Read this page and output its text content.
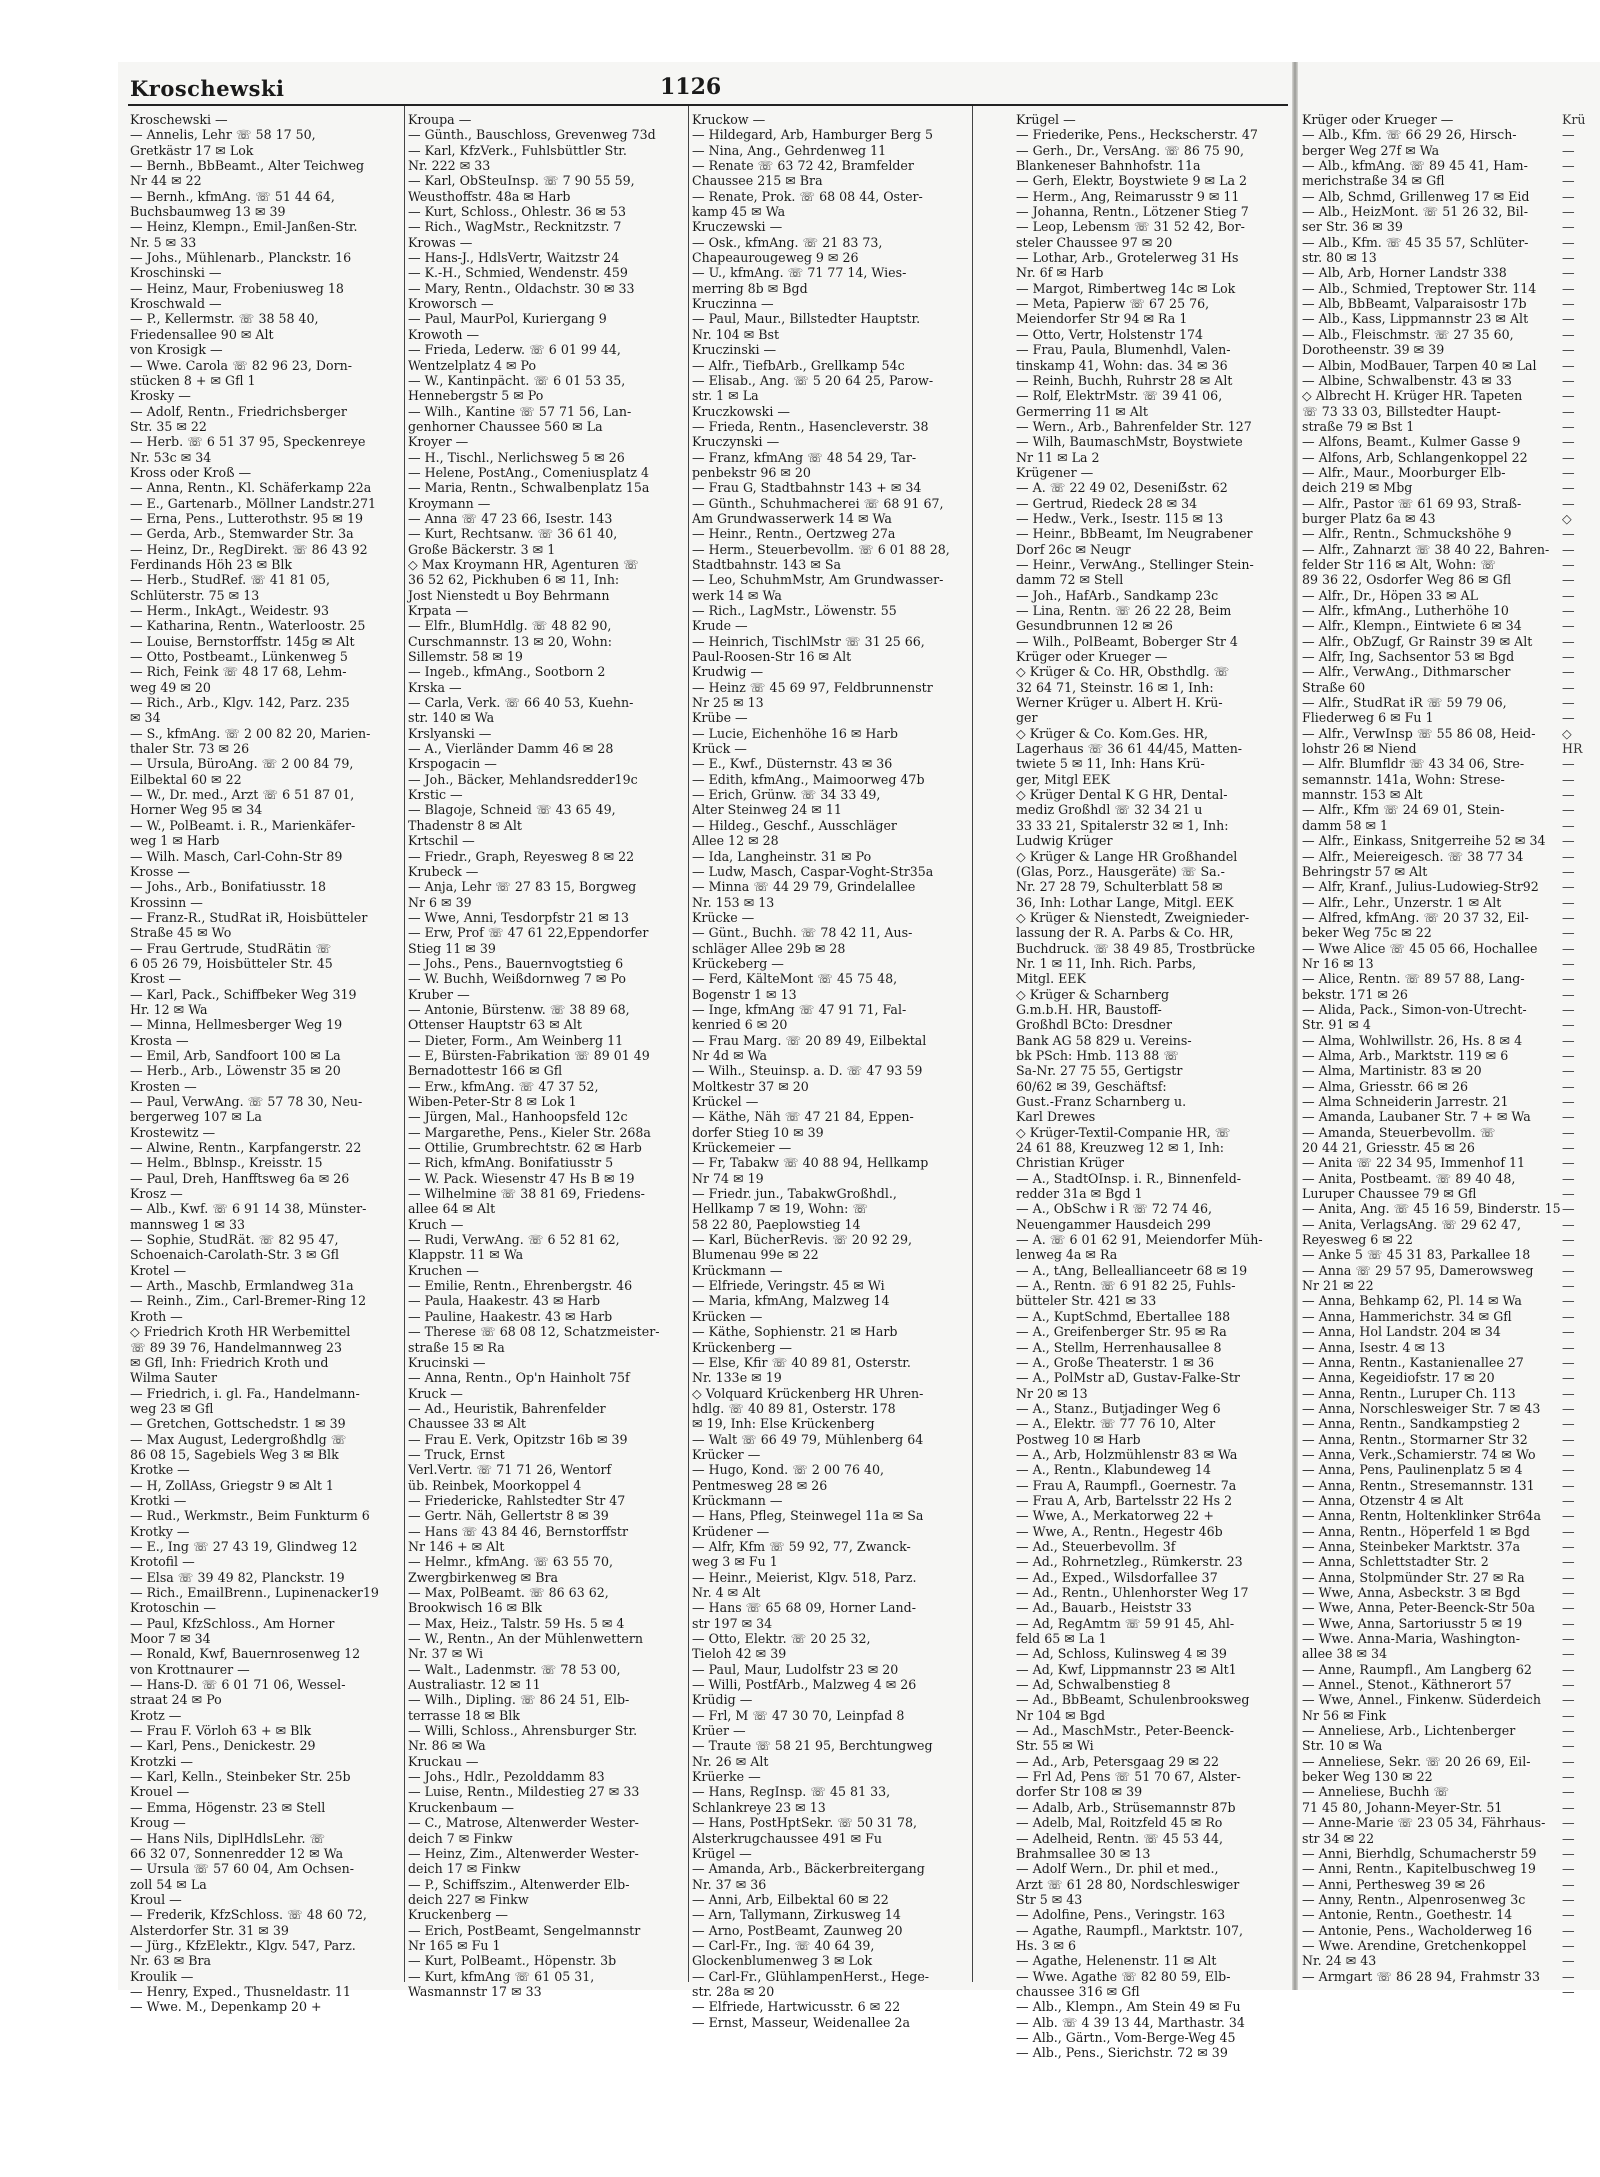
Kroschewski	1126
Kroschewski —
— Annelis, Lehr ☏ 58 17 50,
Gretkästr 17 ✉ Lok
— Bernh., BbBeamt., Alter Teichweg
Nr 44 ✉ 22
— Bernh., kfmAng. ☏ 51 44 64,
Buchsbaumweg 13 ✉ 39
— Heinz, Klempn., Emil-Janßen-Str.
Nr. 5 ✉ 33
— Johs., Mühlenarb., Planckstr. 16
Kroschinski —
— Heinz, Maur, Frobeniusweg 18
Kroschwald —
— P., Kellermstr. ☏ 38 58 40,
Friedensallee 90 ✉ Alt
von Krosigk —
— Wwe. Carola ☏ 82 96 23, Dorn-
stücken 8 + ✉ Gfl 1
Krosky —
— Adolf, Rentn., Friedrichsberger
Str. 35 ✉ 22
— Herb. ☏ 6 51 37 95, Speckenreye
Nr. 53c ✉ 34
Kross oder Kroß —
— Anna, Rentn., Kl. Schäferkamp 22a
— E., Gartenarb., Möllner Landstr.271
— Erna, Pens., Lutterothstr. 95 ✉ 19
— Gerda, Arb., Stemwarder Str. 3a
— Heinz, Dr., RegDirekt. ☏ 86 43 92
Ferdinands Höh 23 ✉ Blk
— Herb., StudRef. ☏ 41 81 05,
Schlüterstr. 75 ✉ 13
— Herm., InkAgt., Weidestr. 93
— Katharina, Rentn., Waterloostr. 25
— Louise, Bernstorffstr. 145g ✉ Alt
— Otto, Postbeamt., Lünkenweg 5
— Rich, Feink ☏ 48 17 68, Lehm-
weg 49 ✉ 20
— Rich., Arb., Klgv. 142, Parz. 235
✉ 34
— S., kfmAng. ☏ 2 00 82 20, Marien-
thaler Str. 73 ✉ 26
— Ursula, BüroAng. ☏ 2 00 84 79,
Eilbektal 60 ✉ 22
— W., Dr. med., Arzt ☏ 6 51 87 01,
Horner Weg 95 ✉ 34
— W., PolBeamt. i. R., Marienkäfer-
weg 1 ✉ Harb
— Wilh. Masch, Carl-Cohn-Str 89
Krosse —
— Johs., Arb., Bonifatiusstr. 18
Krossinn —
— Franz-R., StudRat iR, Hoisbütteler
Straße 45 ✉ Wo
— Frau Gertrude, StudRätin ☏
6 05 26 79, Hoisbütteler Str. 45
Krost —
— Karl, Pack., Schiffbeker Weg 319
Hr. 12 ✉ Wa
— Minna, Hellmesberger Weg 19
Krosta —
— Emil, Arb, Sandfoort 100 ✉ La
— Herb., Arb., Löwenstr 35 ✉ 20
Krosten —
— Paul, VerwAng. ☏ 57 78 30, Neu-
bergerweg 107 ✉ La
Krostewitz —
— Alwine, Rentn., Karpfangerstr. 22
— Helm., Bblnsp., Kreisstr. 15
— Paul, Dreh, Hanfftsweg 6a ✉ 26
Krosz —
— Alb., Kwf. ☏ 6 91 14 38, Münster-
mannsweg 1 ✉ 33
— Sophie, StudRät. ☏ 82 95 47,
Schoenaich-Carolath-Str. 3 ✉ Gfl
Krotel —
— Arth., Maschb, Ermlandweg 31a
— Reinh., Zim., Carl-Bremer-Ring 12
Kroth —
◇ Friedrich Kroth HR Werbemittel
☏ 89 39 76, Handelmannweg 23
✉ Gfl, Inh: Friedrich Kroth und
Wilma Sauter
— Friedrich, i. gl. Fa., Handelmann-
weg 23 ✉ Gfl
— Gretchen, Gottschedstr. 1 ✉ 39
— Max August, Ledergroßhdlg ☏
86 08 15, Sagebiels Weg 3 ✉ Blk
Krotke —
— H, ZollAss, Griegstr 9 ✉ Alt 1
Krotki —
— Rud., Werkmstr., Beim Funkturm 6
Krotky —
— E., Ing ☏ 27 43 19, Glindweg 12
Krotofil —
— Elsa ☏ 39 49 82, Planckstr. 19
— Rich., EmailBrenn., Lupinenacker19
Krotoschin —
— Paul, KfzSchloss., Am Horner
Moor 7 ✉ 34
— Ronald, Kwf, Bauernrosenweg 12
von Krottnaurer —
— Hans-D. ☏ 6 01 71 06, Wessel-
straat 24 ✉ Po
Krotz —
— Frau F. Vörloh 63 + ✉ Blk
— Karl, Pens., Denickestr. 29
Krotzki —
— Karl, Kelln., Steinbeker Str. 25b
Krouel —
— Emma, Högenstr. 23 ✉ Stell
Kroug —
— Hans Nils, DiplHdlsLehr. ☏
66 32 07, Sonnenredder 12 ✉ Wa
— Ursula ☏ 57 60 04, Am Ochsen-
zoll 54 ✉ La
Kroul —
— Frederik, KfzSchloss. ☏ 48 60 72,
Alsterdorfer Str. 31 ✉ 39
— Jürg., KfzElektr., Klgv. 547, Parz.
Nr. 63 ✉ Bra
Kroulik —
— Henry, Exped., Thusneldastr. 11
— Wwe. M., Depenkamp 20 +
Kroupa —
— Günth., Bauschloss, Grevenweg 73d
— Karl, KfzVerk., Fuhlsbüttler Str.
Nr. 222 ✉ 33
— Karl, ObSteuInsp. ☏ 7 90 55 59,
Weusthoffstr. 48a ✉ Harb
— Kurt, Schloss., Ohlestr. 36 ✉ 53
— Rich., WagMstr., Recknitzstr. 7
Krowas —
— Hans-J., HdlsVertr, Waitzstr 24
— K.-H., Schmied, Wendenstr. 459
— Mary, Rentn., Oldachstr. 30 ✉ 33
Kroworsch —
— Paul, MaurPol, Kuriergang 9
Krowoth —
— Frieda, Lederw. ☏ 6 01 99 44,
Wentzelplatz 4 ✉ Po
— W., Kantinpächt. ☏ 6 01 53 35,
Hennebergstr 5 ✉ Po
— Wilh., Kantine ☏ 57 71 56, Lan-
genhorner Chaussee 560 ✉ La
Kroyer —
— H., Tischl., Nerlichsweg 5 ✉ 26
— Helene, PostAng., Comeniusplatz 4
— Maria, Rentn., Schwalbenplatz 15a
Kroymann —
— Anna ☏ 47 23 66, Isestr. 143
— Kurt, Rechtsanw. ☏ 36 61 40,
Große Bäckerstr. 3 ✉ 1
◇ Max Kroymann HR, Agenturen ☏
36 52 62, Pickhuben 6 ✉ 11, Inh:
Jost Nienstedt u Boy Behrmann
Krpata —
— Elfr., BlumHdlg. ☏ 48 82 90,
Curschmannstr. 13 ✉ 20, Wohn:
Sillemstr. 58 ✉ 19
— Ingeb., kfmAng., Sootborn 2
Krska —
— Carla, Verk. ☏ 66 40 53, Kuehn-
str. 140 ✉ Wa
Krslyanski —
— A., Vierländer Damm 46 ✉ 28
Krspogacin —
— Joh., Bäcker, Mehlandsredder19c
Krstic —
— Blagoje, Schneid ☏ 43 65 49,
Thadenstr 8 ✉ Alt
Krtschil —
— Friedr., Graph, Reyesweg 8 ✉ 22
Krubeck —
— Anja, Lehr ☏ 27 83 15, Borgweg
Nr 6 ✉ 39
— Wwe, Anni, Tesdorpfstr 21 ✉ 13
— Erw, Prof ☏ 47 61 22,Eppendorfer
Stieg 11 ✉ 39
— Johs., Pens., Bauernvogtstieg 6
— W. Buchh, Weißdornweg 7 ✉ Po
Kruber —
— Antonie, Bürstenw. ☏ 38 89 68,
Ottenser Hauptstr 63 ✉ Alt
— Dieter, Form., Am Weinberg 11
— E, Bürsten-Fabrikation ☏ 89 01 49
Bernadottestr 166 ✉ Gfl
— Erw., kfmAng. ☏ 47 37 52,
Wiben-Peter-Str 8 ✉ Lok 1
— Jürgen, Mal., Hanhoopsfeld 12c
— Margarethe, Pens., Kieler Str. 268a
— Ottilie, Grumbrechtstr. 62 ✉ Harb
— Rich, kfmAng. Bonifatiusstr 5
— W. Pack. Wiesenstr 47 Hs B ✉ 19
— Wilhelmine ☏ 38 81 69, Friedens-
allee 64 ✉ Alt
Kruch —
— Rudi, VerwAng. ☏ 6 52 81 62,
Klappstr. 11 ✉ Wa
Kruchen —
— Emilie, Rentn., Ehrenbergstr. 46
— Paula, Haakestr. 43 ✉ Harb
— Pauline, Haakestr. 43 ✉ Harb
— Therese ☏ 68 08 12, Schatzmeister-
straße 15 ✉ Ra
Krucinski —
— Anna, Rentn., Op'n Hainholt 75f
Kruck —
— Ad., Heuristik, Bahrenfelder
Chaussee 33 ✉ Alt
— Frau E. Verk, Opitzstr 16b ✉ 39
— Truck, Ernst
Verl.Vertr. ☏ 71 71 26, Wentorf
üb. Reinbek, Moorkoppel 4
— Friedericke, Rahlstedter Str 47
— Gertr. Näh, Gellertstr 8 ✉ 39
— Hans ☏ 43 84 46, Bernstorffstr
Nr 146 + ✉ Alt
— Helmr., kfmAng. ☏ 63 55 70,
Zwergbirkenweg ✉ Bra
— Max, PolBeamt. ☏ 86 63 62,
Brookwisch 16 ✉ Blk
— Max, Heiz., Talstr. 59 Hs. 5 ✉ 4
— W., Rentn., An der Mühlenwettern
Nr. 37 ✉ Wi
— Walt., Ladenmstr. ☏ 78 53 00,
Australiastr. 12 ✉ 11
— Wilh., Dipling. ☏ 86 24 51, Elb-
terrasse 18 ✉ Blk
— Willi, Schloss., Ahrensburger Str.
Nr. 86 ✉ Wa
Kruckau —
— Johs., Hdlr., Pezolddamm 83
— Luise, Rentn., Mildestieg 27 ✉ 33
Kruckenbaum —
— C., Matrose, Altenwerder Wester-
deich 7 ✉ Finkw
— Heinz, Zim., Altenwerder Wester-
deich 17 ✉ Finkw
— P., Schiffszim., Altenwerder Elb-
deich 227 ✉ Finkw
Kruckenberg —
— Erich, PostBeamt, Sengelmannstr
Nr 165 ✉ Fu 1
— Kurt, PolBeamt., Höpenstr. 3b
— Kurt, kfmAng ☏ 61 05 31,
Wasmannstr 17 ✉ 33
Kruckow —
— Hildegard, Arb, Hamburger Berg 5
— Nina, Ang., Gehrdenweg 11
— Renate ☏ 63 72 42, Bramfelder
Chaussee 215 ✉ Bra
— Renate, Prok. ☏ 68 08 44, Oster-
kamp 45 ✉ Wa
Kruczewski —
— Osk., kfmAng. ☏ 21 83 73,
Chapeaurougeweg 9 ✉ 26
— U., kfmAng. ☏ 71 77 14, Wies-
merring 8b ✉ Bgd
Kruczinna —
— Paul, Maur., Billstedter Hauptstr.
Nr. 104 ✉ Bst
Kruczinski —
— Alfr., TiefbArb., Grellkamp 54c
— Elisab., Ang. ☏ 5 20 64 25, Parow-
str. 1 ✉ La
Kruczkowski —
— Frieda, Rentn., Hasencleverstr. 38
Kruczynski —
— Franz, kfmAng ☏ 48 54 29, Tar-
penbekstr 96 ✉ 20
— Frau G, Stadtbahnstr 143 + ✉ 34
— Günth., Schuhmacherei ☏ 68 91 67,
Am Grundwasserwerk 14 ✉ Wa
— Heinr., Rentn., Oertzweg 27a
— Herm., Steuerbevollm. ☏ 6 01 88 28,
Stadtbahnstr. 143 ✉ Sa
— Leo, SchuhmMstr, Am Grundwasser-
werk 14 ✉ Wa
— Rich., LagMstr., Löwenstr. 55
Krude —
— Heinrich, TischlMstr ☏ 31 25 66,
Paul-Roosen-Str 16 ✉ Alt
Krudwig —
— Heinz ☏ 45 69 97, Feldbrunnenstr
Nr 25 ✉ 13
Krübe —
— Lucie, Eichenhöhe 16 ✉ Harb
Krück —
— E., Kwf., Düsternstr. 43 ✉ 36
— Edith, kfmAng., Maimoorweg 47b
— Erich, Grünw. ☏ 34 33 49,
Alter Steinweg 24 ✉ 11
— Hildeg., Geschf., Ausschläger
Allee 12 ✉ 28
— Ida, Langheinstr. 31 ✉ Po
— Ludw, Masch, Caspar-Voght-Str35a
— Minna ☏ 44 29 79, Grindelallee
Nr. 153 ✉ 13
Krücke —
— Günt., Buchh. ☏ 78 42 11, Aus-
schläger Allee 29b ✉ 28
Krückeberg —
— Ferd, KälteMont ☏ 45 75 48,
Bogenstr 1 ✉ 13
— Inge, kfmAng ☏ 47 91 71, Fal-
kenried 6 ✉ 20
— Frau Marg. ☏ 20 89 49, Eilbektal
Nr 4d ✉ Wa
— Wilh., Steuinsp. a. D. ☏ 47 93 59
Moltkestr 37 ✉ 20
Krückel —
— Käthe, Näh ☏ 47 21 84, Eppen-
dorfer Stieg 10 ✉ 39
Krückemeier —
— Fr, Tabakw ☏ 40 88 94, Hellkamp
Nr 74 ✉ 19
— Friedr. jun., TabakwGroßhdl.,
Hellkamp 7 ✉ 19, Wohn: ☏
58 22 80, Paeplowstieg 14
— Karl, BücherRevis. ☏ 20 92 29,
Blumenau 99e ✉ 22
Krückmann —
— Elfriede, Veringstr. 45 ✉ Wi
— Maria, kfmAng, Malzweg 14
Krücken —
— Käthe, Sophienstr. 21 ✉ Harb
Krückenberg —
— Else, Kfir ☏ 40 89 81, Osterstr.
Nr. 133e ✉ 19
◇ Volquard Krückenberg HR Uhren-
hdlg. ☏ 40 89 81, Osterstr. 178
✉ 19, Inh: Else Krückenberg
— Walt ☏ 66 49 79, Mühlenberg 64
Krücker —
— Hugo, Kond. ☏ 2 00 76 40,
Pentmesweg 28 ✉ 26
Krückmann —
— Hans, Pfleg, Steinwegel 11a ✉ Sa
Krüdener —
— Alfr, Kfm ☏ 59 92, 77, Zwanck-
weg 3 ✉ Fu 1
— Heinr., Meierist, Klgv. 518, Parz.
Nr. 4 ✉ Alt
— Hans ☏ 65 68 09, Horner Land-
str 197 ✉ 34
— Otto, Elektr. ☏ 20 25 32,
Tieloh 42 ✉ 39
— Paul, Maur, Ludolfstr 23 ✉ 20
— Willi, PostfArb., Malzweg 4 ✉ 26
Krüdig —
— Frl, M ☏ 47 30 70, Leinpfad 8
Krüer —
— Traute ☏ 58 21 95, Berchtungweg
Nr. 26 ✉ Alt
Krüerke —
— Hans, RegInsp. ☏ 45 81 33,
Schlankreye 23 ✉ 13
— Hans, PostHptSekr. ☏ 50 31 78,
Alsterkrugchaussee 491 ✉ Fu
Krügel —
— Amanda, Arb., Bäckerbreitergang
Nr. 37 ✉ 36
— Anni, Arb, Eilbektal 60 ✉ 22
— Arn, Tallymann, Zirkusweg 14
— Arno, PostBeamt, Zaunweg 20
— Carl-Fr., Ing. ☏ 40 64 39,
Glockenblumenweg 3 ✉ Lok
— Carl-Fr., GlühlampenHerst., Hege-
str. 28a ✉ 20
— Elfriede, Hartwicusstr. 6 ✉ 22
— Ernst, Masseur, Weidenallee 2a
Krügel —
— Friederike, Pens., Heckscherstr. 47
— Gerh., Dr., VersAng. ☏ 86 75 90,
Blankeneser Bahnhofstr. 11a
— Gerh, Elektr, Boystwiete 9 ✉ La 2
— Herm., Ang, Reimarusstr 9 ✉ 11
— Johanna, Rentn., Lötzener Stieg 7
— Leop, Lebensm ☏ 31 52 42, Bor-
steler Chaussee 97 ✉ 20
— Lothar, Arb., Grotelerweg 31 Hs
Nr. 6f ✉ Harb
— Margot, Rimbertweg 14c ✉ Lok
— Meta, Papierw ☏ 67 25 76,
Meiendorfer Str 94 ✉ Ra 1
— Otto, Vertr, Holstenstr 174
— Frau, Paula, Blumenhdl, Valen-
tinskamp 41, Wohn: das. 34 ✉ 36
— Reinh, Buchh, Ruhrstr 28 ✉ Alt
— Rolf, ElektrMstr. ☏ 39 41 06,
Germerring 11 ✉ Alt
— Wern., Arb., Bahrenfelder Str. 127
— Wilh, BaumaschMstr, Boystwiete
Nr 11 ✉ La 2
Krügener —
— A. ☏ 22 49 02, Deseniẞstr. 62
— Gertrud, Riedeck 28 ✉ 34
— Hedw., Verk., Isestr. 115 ✉ 13
— Heinr., BbBeamt, Im Neugrabener
Dorf 26c ✉ Neugr
— Heinr., VerwAng., Stellinger Stein-
damm 72 ✉ Stell
— Joh., HafArb., Sandkamp 23c
— Lina, Rentn. ☏ 26 22 28, Beim
Gesundbrunnen 12 ✉ 26
— Wilh., PolBeamt, Boberger Str 4
Krüger oder Krueger —
◇ Krüger & Co. HR, Obsthdlg. ☏
32 64 71, Steinstr. 16 ✉ 1, Inh:
Werner Krüger u. Albert H. Krü-
ger
◇ Krüger & Co. Kom.Ges. HR,
Lagerhaus ☏ 36 61 44/45, Matten-
twiete 5 ✉ 11, Inh: Hans Krü-
ger, Mitgl EEK
◇ Krüger Dental K G HR, Dental-
mediz Großhdl ☏ 32 34 21 u
33 33 21, Spitalerstr 32 ✉ 1, Inh:
Ludwig Krüger
◇ Krüger & Lange HR Großhandel
(Glas, Porz., Hausgeräte) ☏ Sa.-
Nr. 27 28 79, Schulterblatt 58 ✉
36, Inh: Lothar Lange, Mitgl. EEK
◇ Krüger & Nienstedt, Zweignieder-
lassung der R. A. Parbs & Co. HR,
Buchdruck. ☏ 38 49 85, Trostbrücke
Nr. 1 ✉ 11, Inh. Rich. Parbs,
Mitgl. EEK
◇ Krüger & Scharnberg
G.m.b.H. HR, Baustoff-
Großhdl BCto: Dresdner
Bank AG 58 829 u. Vereins-
bk PSch: Hmb. 113 88 ☏
Sa-Nr. 27 75 55, Gertigstr
60/62 ✉ 39, Geschäftsf:
Gust.-Franz Scharnberg u.
Karl Drewes
◇ Krüger-Textil-Companie HR, ☏
24 61 88, Kreuzweg 12 ✉ 1, Inh:
Christian Krüger
— A., StadtOInsp. i. R., Binnenfeld-
redder 31a ✉ Bgd 1
— A., ObSchw i R ☏ 72 74 46,
Neuengammer Hausdeich 299
— A. ☏ 6 01 62 91, Meiendorfer Müh-
lenweg 4a ✉ Ra
— A., tAng, Belleallianceetr 68 ✉ 19
— A., Rentn. ☏ 6 91 82 25, Fuhls-
bütteler Str. 421 ✉ 33
— A., KuptSchmd, Ebertallee 188
— A., Greifenberger Str. 95 ✉ Ra
— A., Stellm, Herrenhausallee 8
— A., Große Theaterstr. 1 ✉ 36
— A., PolMstr aD, Gustav-Falke-Str
Nr 20 ✉ 13
— A., Stanz., Butjadinger Weg 6
— A., Elektr. ☏ 77 76 10, Alter
Postweg 10 ✉ Harb
— A., Arb, Holzmühlenstr 83 ✉ Wa
— A., Rentn., Klabundeweg 14
— Frau A, Raumpfl., Goernestr. 7a
— Frau A, Arb, Bartelsstr 22 Hs 2
— Wwe, A., Merkatorweg 22 +
— Wwe, A., Rentn., Hegestr 46b
— Ad., Steuerbevollm. 3f
— Ad., Rohrnetzleg., Rümkerstr. 23
— Ad., Exped., Wilsdorfallee 37
— Ad., Rentn., Uhlenhorster Weg 17
— Ad., Bauarb., Heiststr 33
— Ad, RegAmtm ☏ 59 91 45, Ahl-
feld 65 ✉ La 1
— Ad, Schloss, Kulinsweg 4 ✉ 39
— Ad, Kwf, Lippmannstr 23 ✉ Alt1
— Ad, Schwalbenstieg 8
— Ad., BbBeamt, Schulenbrooksweg
Nr 104 ✉ Bgd
— Ad., MaschMstr., Peter-Beenck-
Str. 55 ✉ Wi
— Ad., Arb, Petersgaag 29 ✉ 22
— Frl Ad, Pens ☏ 51 70 67, Alster-
dorfer Str 108 ✉ 39
— Adalb, Arb., Strüsemannstr 87b
— Adelb, Mal, Roitzfeld 45 ✉ Ro
— Adelheid, Rentn. ☏ 45 53 44,
Brahmsallee 30 ✉ 13
— Adolf Wern., Dr. phil et med.,
Arzt ☏ 61 28 80, Nordschleswiger
Str 5 ✉ 43
— Adolfine, Pens., Veringstr. 163
— Agathe, Raumpfl., Marktstr. 107,
Hs. 3 ✉ 6
— Agathe, Helenenstr. 11 ✉ Alt
— Wwe. Agathe ☏ 82 80 59, Elb-
chaussee 316 ✉ Gfl
— Alb., Klempn., Am Stein 49 ✉ Fu
— Alb. ☏ 4 39 13 44, Marthastr. 34
— Alb., Gärtn., Vom-Berge-Weg 45
— Alb., Pens., Sierichstr. 72 ✉ 39
Krüger oder Krueger —
— Alb., Kfm. ☏ 66 29 26, Hirsch-
berger Weg 27f ✉ Wa
— Alb., kfmAng. ☏ 89 45 41, Ham-
merichstraße 34 ✉ Gfl
— Alb, Schmd, Grillenweg 17 ✉ Eid
— Alb., HeizMont. ☏ 51 26 32, Bil-
ser Str. 36 ✉ 39
— Alb., Kfm. ☏ 45 35 57, Schlüter-
str. 80 ✉ 13
— Alb, Arb, Horner Landstr 338
— Alb., Schmied, Treptower Str. 114
— Alb, BbBeamt, Valparaisostr 17b
— Alb., Kass, Lippmannstr 23 ✉ Alt
— Alb., Fleischmstr. ☏ 27 35 60,
Dorotheenstr. 39 ✉ 39
— Albin, ModBauer, Tarpen 40 ✉ Lal
— Albine, Schwalbenstr. 43 ✉ 33
◇ Albrecht H. Krüger HR. Tapeten
☏ 73 33 03, Billstedter Haupt-
straße 79 ✉ Bst 1
— Alfons, Beamt., Kulmer Gasse 9
— Alfons, Arb, Schlangenkoppel 22
— Alfr., Maur., Moorburger Elb-
deich 219 ✉ Mbg
— Alfr., Pastor ☏ 61 69 93, Straß-
burger Platz 6a ✉ 43
— Alfr., Rentn., Schmuckshöhe 9
— Alfr., Zahnarzt ☏ 38 40 22, Bahren-
felder Str 116 ✉ Alt, Wohn: ☏
89 36 22, Osdorfer Weg 86 ✉ Gfl
— Alfr., Dr., Höpen 33 ✉ AL
— Alfr., kfmAng., Lutherhöhe 10
— Alfr., Klempn., Eintwiete 6 ✉ 34
— Alfr., ObZugf, Gr Rainstr 39 ✉ Alt
— Alfr, Ing, Sachsentor 53 ✉ Bgd
— Alfr., VerwAng., Dithmarscher
Straße 60
— Alfr., StudRat iR ☏ 59 79 06,
Fliederweg 6 ✉ Fu 1
— Alfr., VerwInsp ☏ 55 86 08, Heid-
lohstr 26 ✉ Niend
— Alfr. Blumfldr ☏ 43 34 06, Stre-
semannstr. 141a, Wohn: Strese-
mannstr. 153 ✉ Alt
— Alfr., Kfm ☏ 24 69 01, Stein-
damm 58 ✉ 1
— Alfr., Einkass, Snitgerreihe 52 ✉ 34
— Alfr., Meiereigesch. ☏ 38 77 34
Behringstr 57 ✉ Alt
— Alfr, Kranf., Julius-Ludowieg-Str92
— Alfr., Lehr., Unzerstr. 1 ✉ Alt
— Alfred, kfmAng. ☏ 20 37 32, Eil-
beker Weg 75c ✉ 22
— Wwe Alice ☏ 45 05 66, Hochallee
Nr 16 ✉ 13
— Alice, Rentn. ☏ 89 57 88, Lang-
bekstr. 171 ✉ 26
— Alida, Pack., Simon-von-Utrecht-
Str. 91 ✉ 4
— Alma, Wohlwillstr. 26, Hs. 8 ✉ 4
— Alma, Arb., Marktstr. 119 ✉ 6
— Alma, Martinistr. 83 ✉ 20
— Alma, Griesstr. 66 ✉ 26
— Alma Schneiderin Jarrestr. 21
— Amanda, Laubaner Str. 7 + ✉ Wa
— Amanda, Steuerbevollm. ☏
20 44 21, Griesstr. 45 ✉ 26
— Anita ☏ 22 34 95, Immenhof 11
— Anita, Postbeamt. ☏ 89 40 48,
Luruper Chaussee 79 ✉ Gfl
— Anita, Ang. ☏ 45 16 59, Binderstr. 15
— Anita, VerlagsAng. ☏ 29 62 47,
Reyesweg 6 ✉ 22
— Anke 5 ☏ 45 31 83, Parkallee 18
— Anna ☏ 29 57 95, Damerowsweg
Nr 21 ✉ 22
— Anna, Behkamp 62, Pl. 14 ✉ Wa
— Anna, Hammerichstr. 34 ✉ Gfl
— Anna, Hol Landstr. 204 ✉ 34
— Anna, Isestr. 4 ✉ 13
— Anna, Rentn., Kastanienallee 27
— Anna, Kegeidiofstr. 17 ✉ 20
— Anna, Rentn., Luruper Ch. 113
— Anna, Norschlesweiger Str. 7 ✉ 43
— Anna, Rentn., Sandkampstieg 2
— Anna, Rentn., Stormarner Str 32
— Anna, Verk.,Schamierstr. 74 ✉ Wo
— Anna, Pens, Paulinenplatz 5 ✉ 4
— Anna, Rentn., Stresemannstr. 131
— Anna, Otzenstr 4 ✉ Alt
— Anna, Rentn, Holtenklinker Str64a
— Anna, Rentn., Höperfeld 1 ✉ Bgd
— Anna, Steinbeker Marktstr. 37a
— Anna, Schlettstadter Str. 2
— Anna, Stolpmünder Str. 27 ✉ Ra
— Wwe, Anna, Asbeckstr. 3 ✉ Bgd
— Wwe, Anna, Peter-Beenck-Str 50a
— Wwe, Anna, Sartoriusstr 5 ✉ 19
— Wwe. Anna-Maria, Washington-
allee 38 ✉ 34
— Anne, Raumpfl., Am Langberg 62
— Annel., Stenot., Käthnerort 57
— Wwe, Annel., Finkenw. Süderdeich
Nr 56 ✉ Fink
— Anneliese, Arb., Lichtenberger
Str. 10 ✉ Wa
— Anneliese, Sekr. ☏ 20 26 69, Eil-
beker Weg 130 ✉ 22
— Anneliese, Buchh ☏
71 45 80, Johann-Meyer-Str. 51
— Anne-Marie ☏ 23 05 34, Fährhaus-
str 34 ✉ 22
— Anni, Bierhdlg, Schumacherstr 59
— Anni, Rentn., Kapitelbuschweg 19
— Anni, Perthesweg 39 ✉ 26
— Anny, Rentn., Alpenrosenweg 3c
— Antonie, Rentn., Goethestr. 14
— Antonie, Pens., Wacholderweg 16
— Wwe. Arendine, Gretchenkoppel
Nr. 24 ✉ 43
— Armgart ☏ 86 28 94, Frahmstr 33
Krü
—
—
—
—
—
—
—
—
—
—
—
—
—
—
—
—
—
—
—
—
—
—
—
—
—
◇
—
—
—
—
—
—
—
—
—
—
—
—
—
◇
HR
—
—
—
—
—
—
—
—
—
—
—
—
—
—
—
—
—
—
—
—
—
—
—
—
—
—
—
—
—
—
—
—
—
—
—
—
—
—
—
—
—
—
—
—
—
—
—
—
—
—
—
—
—
—
—
—
—
—
—
—
—
—
—
—
—
—
—
—
—
—
—
—
—
—
—
—
—
—
—
—
—
